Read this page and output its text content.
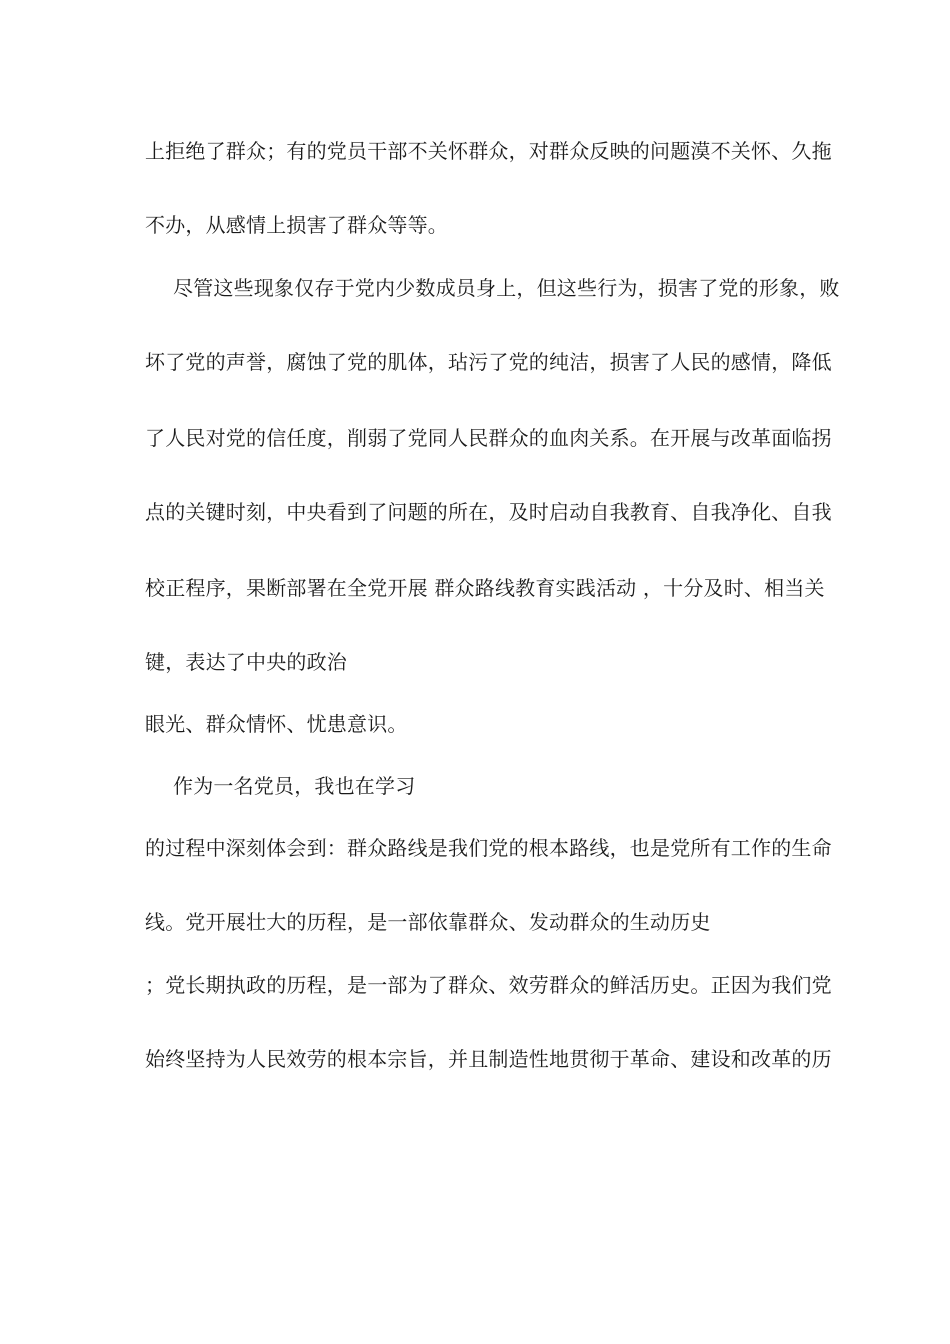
上拒绝了群众；有的党员干部不关怀群众，对群众反映的问题漠不关怀、久拖
不办，从感情上损害了群众等等。
尽管这些现象仅存于党内少数成员身上，但这些行为，损害了党的形象，败
坏了党的声誉，腐蚀了党的肌体，玷污了党的纯洁，损害了人民的感情，降低
了人民对党的信任度，削弱了党同人民群众的血肉关系。在开展与改革面临拐
点的关键时刻，中央看到了问题的所在，及时启动自我教育、自我净化、自我
校正程序，果断部署在全党开展 群众路线教育实践活动 ，十分及时、相当关
键，表达了中央的政治
眼光、群众情怀、忧患意识。
作为一名党员，我也在学习
的过程中深刻体会到：群众路线是我们党的根本路线，也是党所有工作的生命
线。党开展壮大的历程，是一部依靠群众、发动群众的生动历史
；党长期执政的历程，是一部为了群众、效劳群众的鲜活历史。正因为我们党
始终坚持为人民效劳的根本宗旨，并且制造性地贯彻于革命、建设和改革的历
